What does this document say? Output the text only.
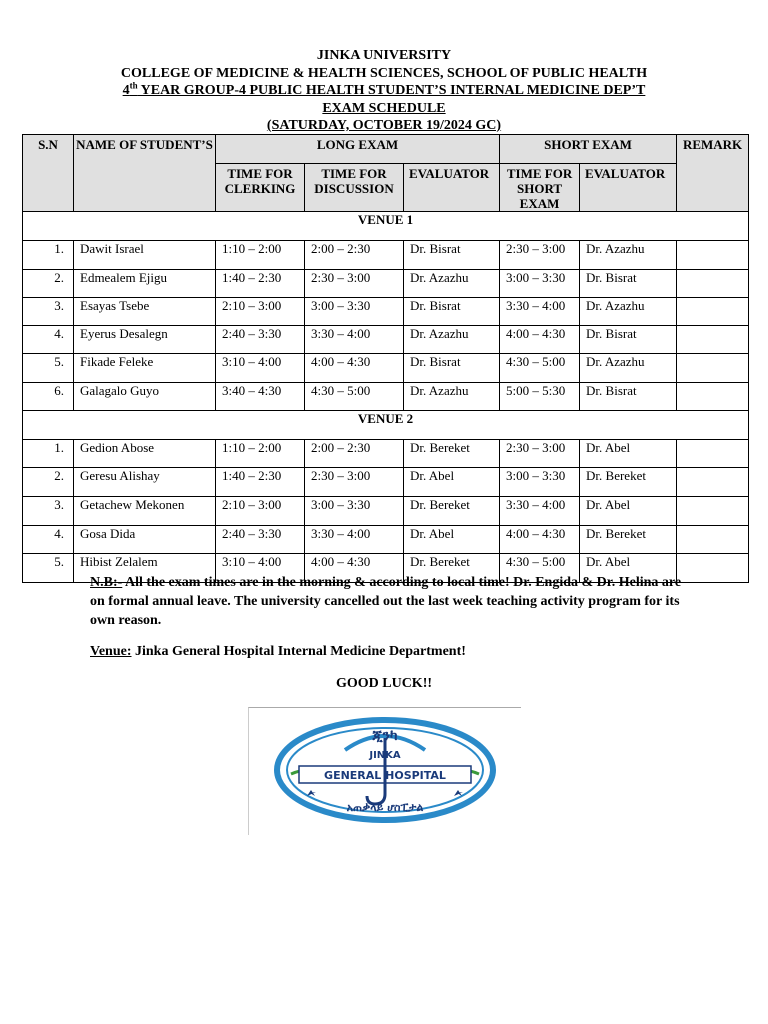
JINKA UNIVERSITY
COLLEGE OF MEDICINE & HEALTH SCIENCES, SCHOOL OF PUBLIC HEALTH
4th YEAR GROUP-4 PUBLIC HEALTH STUDENT’S INTERNAL MEDICINE DEP’T
EXAM SCHEDULE
(SATURDAY, OCTOBER 19/2024 GC)
S.N	NAME OF STUDENT’S	LONG EXAM			SHORT EXAM		REMARK
		TIME FOR CLERKING	TIME FOR DISCUSSION	EVALUATOR	TIME FOR SHORT EXAM	EVALUATOR	
VENUE 1							
1.	Dawit Israel	1:10 – 2:00	2:00 – 2:30	Dr. Bisrat	2:30 – 3:00	Dr. Azazhu	
2.	Edmealem Ejigu	1:40 – 2:30	2:30 – 3:00	Dr. Azazhu	3:00 – 3:30	Dr. Bisrat	
3.	Esayas Tsebe	2:10 – 3:00	3:00 – 3:30	Dr. Bisrat	3:30 – 4:00	Dr. Azazhu	
4.	Eyerus Desalegn	2:40 – 3:30	3:30 – 4:00	Dr. Azazhu	4:00 – 4:30	Dr. Bisrat	
5.	Fikade Feleke	3:10 – 4:00	4:00 – 4:30	Dr. Bisrat	4:30 – 5:00	Dr. Azazhu	
6.	Galagalo Guyo	3:40 – 4:30	4:30 – 5:00	Dr. Azazhu	5:00 – 5:30	Dr. Bisrat	
VENUE 2							
1.	Gedion Abose	1:10 – 2:00	2:00 – 2:30	Dr. Bereket	2:30 – 3:00	Dr. Abel	
2.	Geresu Alishay	1:40 – 2:30	2:30 – 3:00	Dr. Abel	3:00 – 3:30	Dr. Bereket	
3.	Getachew Mekonen	2:10 – 3:00	3:00 – 3:30	Dr. Bereket	3:30 – 4:00	Dr. Abel	
4.	Gosa Dida	2:40 – 3:30	3:30 – 4:00	Dr. Abel	4:00 – 4:30	Dr. Bereket	
5.	Hibist Zelalem	3:10 – 4:00	4:00 – 4:30	Dr. Bereket	4:30 – 5:00	Dr. Abel	
N.B:- All the exam times are in the morning & according to local time! Dr. Engida & Dr. Helina are on formal annual leave. The university cancelled out the last week teaching activity program for its own reason.
Venue: Jinka General Hospital Internal Medicine Department!
GOOD LUCK!!
ጂንካ
JINKA
GENERAL HOSPITAL
አጠቃላይ ሆስፒታል
